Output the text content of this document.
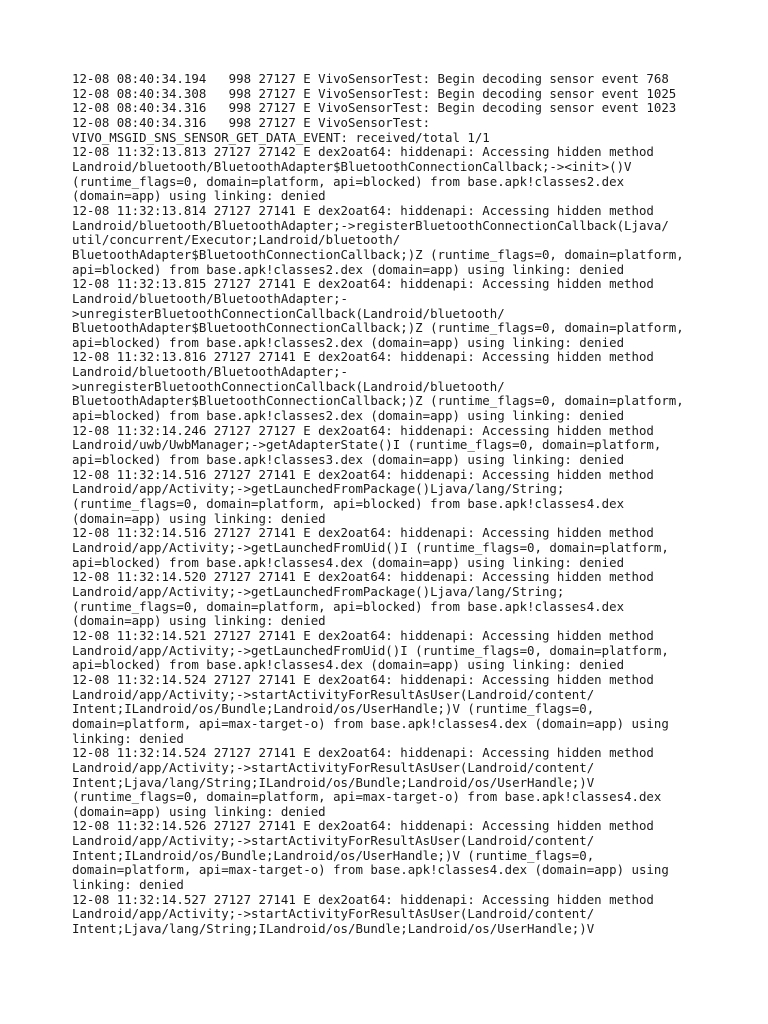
12-08 08:40:34.194   998 27127 E VivoSensorTest: Begin decoding sensor event 768
12-08 08:40:34.308   998 27127 E VivoSensorTest: Begin decoding sensor event 1025
12-08 08:40:34.316   998 27127 E VivoSensorTest: Begin decoding sensor event 1023
12-08 08:40:34.316   998 27127 E VivoSensorTest:
VIVO_MSGID_SNS_SENSOR_GET_DATA_EVENT: received/total 1/1
12-08 11:32:13.813 27127 27142 E dex2oat64: hiddenapi: Accessing hidden method
Landroid/bluetooth/BluetoothAdapter$BluetoothConnectionCallback;-><init>()V
(runtime_flags=0, domain=platform, api=blocked) from base.apk!classes2.dex
(domain=app) using linking: denied
12-08 11:32:13.814 27127 27141 E dex2oat64: hiddenapi: Accessing hidden method
Landroid/bluetooth/BluetoothAdapter;->registerBluetoothConnectionCallback(Ljava/
util/concurrent/Executor;Landroid/bluetooth/
BluetoothAdapter$BluetoothConnectionCallback;)Z (runtime_flags=0, domain=platform,
api=blocked) from base.apk!classes2.dex (domain=app) using linking: denied
12-08 11:32:13.815 27127 27141 E dex2oat64: hiddenapi: Accessing hidden method
Landroid/bluetooth/BluetoothAdapter;-
>unregisterBluetoothConnectionCallback(Landroid/bluetooth/
BluetoothAdapter$BluetoothConnectionCallback;)Z (runtime_flags=0, domain=platform,
api=blocked) from base.apk!classes2.dex (domain=app) using linking: denied
12-08 11:32:13.816 27127 27141 E dex2oat64: hiddenapi: Accessing hidden method
Landroid/bluetooth/BluetoothAdapter;-
>unregisterBluetoothConnectionCallback(Landroid/bluetooth/
BluetoothAdapter$BluetoothConnectionCallback;)Z (runtime_flags=0, domain=platform,
api=blocked) from base.apk!classes2.dex (domain=app) using linking: denied
12-08 11:32:14.246 27127 27127 E dex2oat64: hiddenapi: Accessing hidden method
Landroid/uwb/UwbManager;->getAdapterState()I (runtime_flags=0, domain=platform,
api=blocked) from base.apk!classes3.dex (domain=app) using linking: denied
12-08 11:32:14.516 27127 27141 E dex2oat64: hiddenapi: Accessing hidden method
Landroid/app/Activity;->getLaunchedFromPackage()Ljava/lang/String;
(runtime_flags=0, domain=platform, api=blocked) from base.apk!classes4.dex
(domain=app) using linking: denied
12-08 11:32:14.516 27127 27141 E dex2oat64: hiddenapi: Accessing hidden method
Landroid/app/Activity;->getLaunchedFromUid()I (runtime_flags=0, domain=platform,
api=blocked) from base.apk!classes4.dex (domain=app) using linking: denied
12-08 11:32:14.520 27127 27141 E dex2oat64: hiddenapi: Accessing hidden method
Landroid/app/Activity;->getLaunchedFromPackage()Ljava/lang/String;
(runtime_flags=0, domain=platform, api=blocked) from base.apk!classes4.dex
(domain=app) using linking: denied
12-08 11:32:14.521 27127 27141 E dex2oat64: hiddenapi: Accessing hidden method
Landroid/app/Activity;->getLaunchedFromUid()I (runtime_flags=0, domain=platform,
api=blocked) from base.apk!classes4.dex (domain=app) using linking: denied
12-08 11:32:14.524 27127 27141 E dex2oat64: hiddenapi: Accessing hidden method
Landroid/app/Activity;->startActivityForResultAsUser(Landroid/content/
Intent;ILandroid/os/Bundle;Landroid/os/UserHandle;)V (runtime_flags=0,
domain=platform, api=max-target-o) from base.apk!classes4.dex (domain=app) using
linking: denied
12-08 11:32:14.524 27127 27141 E dex2oat64: hiddenapi: Accessing hidden method
Landroid/app/Activity;->startActivityForResultAsUser(Landroid/content/
Intent;Ljava/lang/String;ILandroid/os/Bundle;Landroid/os/UserHandle;)V
(runtime_flags=0, domain=platform, api=max-target-o) from base.apk!classes4.dex
(domain=app) using linking: denied
12-08 11:32:14.526 27127 27141 E dex2oat64: hiddenapi: Accessing hidden method
Landroid/app/Activity;->startActivityForResultAsUser(Landroid/content/
Intent;ILandroid/os/Bundle;Landroid/os/UserHandle;)V (runtime_flags=0,
domain=platform, api=max-target-o) from base.apk!classes4.dex (domain=app) using
linking: denied
12-08 11:32:14.527 27127 27141 E dex2oat64: hiddenapi: Accessing hidden method
Landroid/app/Activity;->startActivityForResultAsUser(Landroid/content/
Intent;Ljava/lang/String;ILandroid/os/Bundle;Landroid/os/UserHandle;)V
